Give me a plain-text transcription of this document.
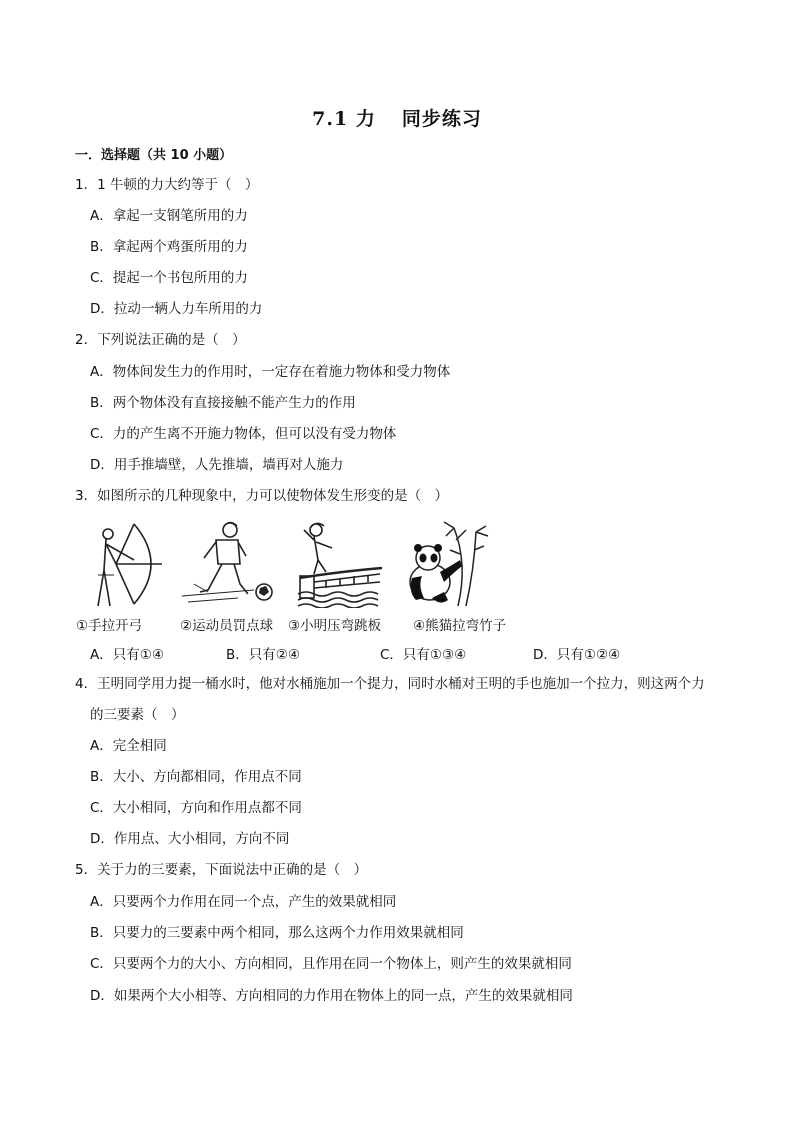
7.1 力 同步练习
一．选择题（共 10 小题）
1．1 牛顿的力大约等于（　）
A．拿起一支钢笔所用的力
B．拿起两个鸡蛋所用的力
C．提起一个书包所用的力
D．拉动一辆人力车所用的力
2．下列说法正确的是（　）
A．物体间发生力的作用时，一定存在着施力物体和受力物体
B．两个物体没有直接接触不能产生力的作用
C．力的产生离不开施力物体，但可以没有受力物体
D．用手推墙壁，人先推墙，墙再对人施力
3．如图所示的几种现象中，力可以使物体发生形变的是（　）
①手拉开弓	②运动员罚点球 ③小明压弯跳板 ④熊猫拉弯竹子
A．只有①④	B．只有②④	C．只有①③④	D．只有①②④
4．王明同学用力提一桶水时，他对水桶施加一个提力，同时水桶对王明的手也施加一个拉力，则这两个力
的三要素（　）
A．完全相同
B．大小、方向都相同，作用点不同
C．大小相同，方向和作用点都不同
D．作用点、大小相同，方向不同
5．关于力的三要素，下面说法中正确的是（　）
A．只要两个力作用在同一个点，产生的效果就相同
B．只要力的三要素中两个相同，那么这两个力作用效果就相同
C．只要两个力的大小、方向相同，且作用在同一个物体上，则产生的效果就相同
D．如果两个大小相等、方向相同的力作用在物体上的同一点，产生的效果就相同
